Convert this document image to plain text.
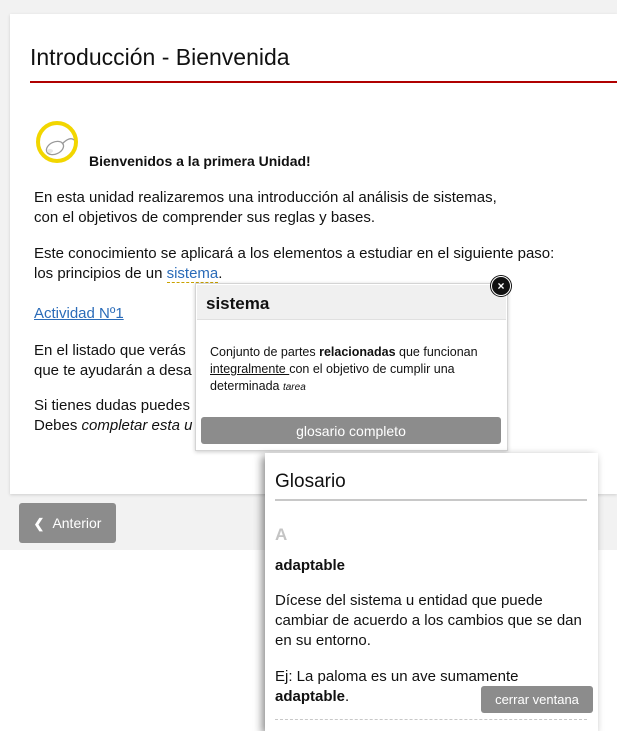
Introducción - Bienvenida
Bienvenidos a la primera Unidad!

En esta unidad realizaremos una introducción al análisis de sistemas,
con el objetivos de comprender sus reglas y bases.

Este conocimiento se aplicará a los elementos a estudiar en el siguiente paso:
los principios de un sistema.

Actividad Nº1

En el listado que verás
que te ayudarán a desa

Si tienes dudas puedes
Debes completar esta u

❮ Anterior
sistema
Conjunto de partes relacionadas que funcionan integralmente con el objetivo de cumplir una determinada tarea
glosario completo
×
Glosario
A
adaptable

Dícese del sistema u entidad que puede cambiar de acuerdo a los cambios que se dan en su entorno.

Ej: La paloma es un ave sumamente adaptable.	cerrar ventana
